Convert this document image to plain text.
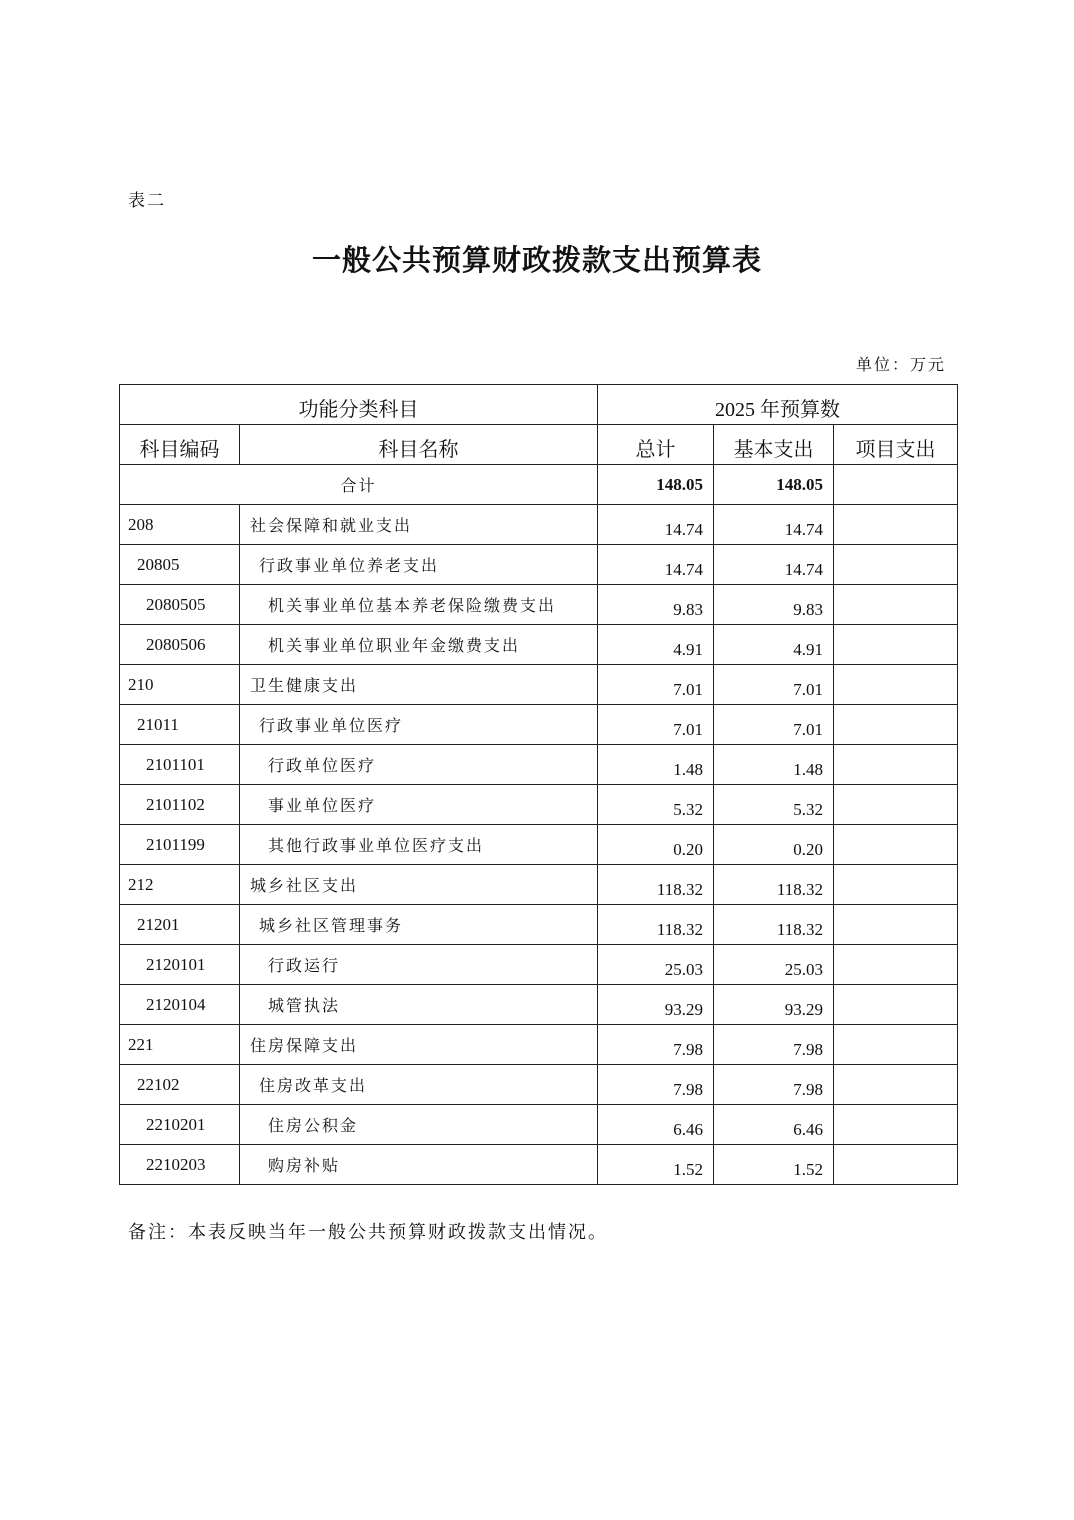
表二
一般公共预算财政拨款支出预算表
单位：万元
功能分类科目		2025 年预算数		
科目编码	科目名称	总计	基本支出	项目支出
合计		148.05	148.05	
208	社会保障和就业支出	14.74	14.74	
20805	行政事业单位养老支出	14.74	14.74	
2080505	机关事业单位基本养老保险缴费支出	9.83	9.83	
2080506	机关事业单位职业年金缴费支出	4.91	4.91	
210	卫生健康支出	7.01	7.01	
21011	行政事业单位医疗	7.01	7.01	
2101101	行政单位医疗	1.48	1.48	
2101102	事业单位医疗	5.32	5.32	
2101199	其他行政事业单位医疗支出	0.20	0.20	
212	城乡社区支出	118.32	118.32	
21201	城乡社区管理事务	118.32	118.32	
2120101	行政运行	25.03	25.03	
2120104	城管执法	93.29	93.29	
221	住房保障支出	7.98	7.98	
22102	住房改革支出	7.98	7.98	
2210201	住房公积金	6.46	6.46	
2210203	购房补贴	1.52	1.52	
备注：本表反映当年一般公共预算财政拨款支出情况。
